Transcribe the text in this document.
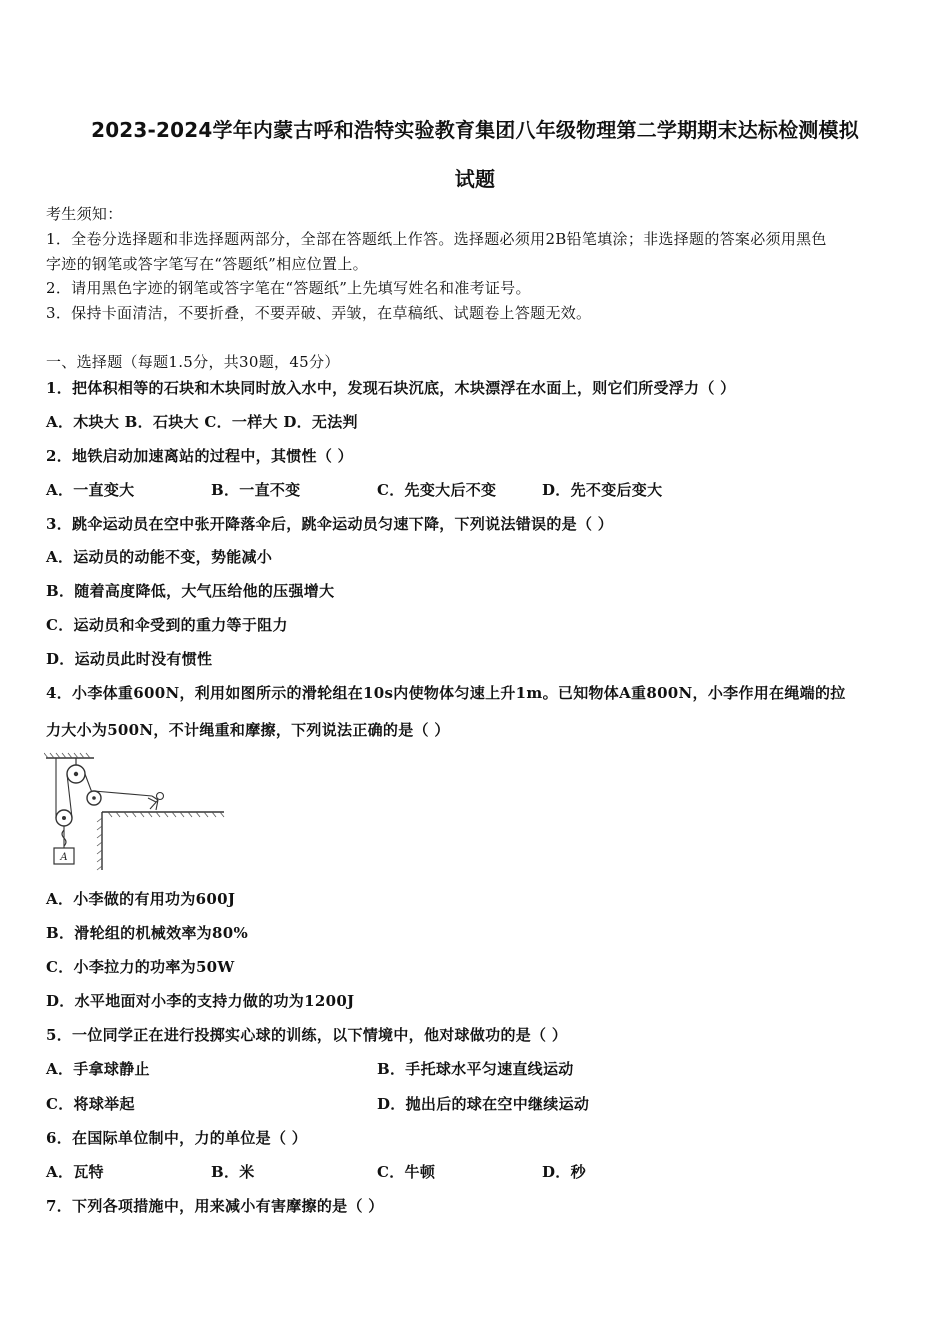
2023-2024学年内蒙古呼和浩特实验教育集团八年级物理第二学期期末达标检测模拟
试题
考生须知：
1．全卷分选择题和非选择题两部分，全部在答题纸上作答。选择题必须用2B铅笔填涂；非选择题的答案必须用黑色
字迹的钢笔或答字笔写在“答题纸”相应位置上。
2．请用黑色字迹的钢笔或答字笔在“答题纸”上先填写姓名和准考证号。
3．保持卡面清洁，不要折叠，不要弄破、弄皱，在草稿纸、试题卷上答题无效。
一、选择题（每题1.5分，共30题，45分）
1．把体积相等的石块和木块同时放入水中，发现石块沉底，木块漂浮在水面上，则它们所受浮力（ ）
A．木块大 B．石块大 C．一样大 D．无法判
2．地铁启动加速离站的过程中，其惯性（ ）
A．一直变大	B．一直不变	C．先变大后不变	D．先不变后变大
3．跳伞运动员在空中张开降落伞后，跳伞运动员匀速下降，下列说法错误的是（ ）
A．运动员的动能不变，势能减小
B．随着高度降低，大气压给他的压强增大
C．运动员和伞受到的重力等于阻力
D．运动员此时没有惯性
4．小李体重600N，利用如图所示的滑轮组在10s内使物体匀速上升1m。已知物体A重800N，小李作用在绳端的拉
力大小为500N，不计绳重和摩擦，下列说法正确的是（ ）
A
A．小李做的有用功为600J
B．滑轮组的机械效率为80%
C．小李拉力的功率为50W
D．水平地面对小李的支持力做的功为1200J
5．一位同学正在进行投掷实心球的训练，以下情境中，他对球做功的是（ ）
A．手拿球静止	B．手托球水平匀速直线运动
C．将球举起	D．抛出后的球在空中继续运动
6．在国际单位制中，力的单位是（ ）
A．瓦特	B．米	C．牛顿	D．秒
7．下列各项措施中，用来减小有害摩擦的是（ ）
